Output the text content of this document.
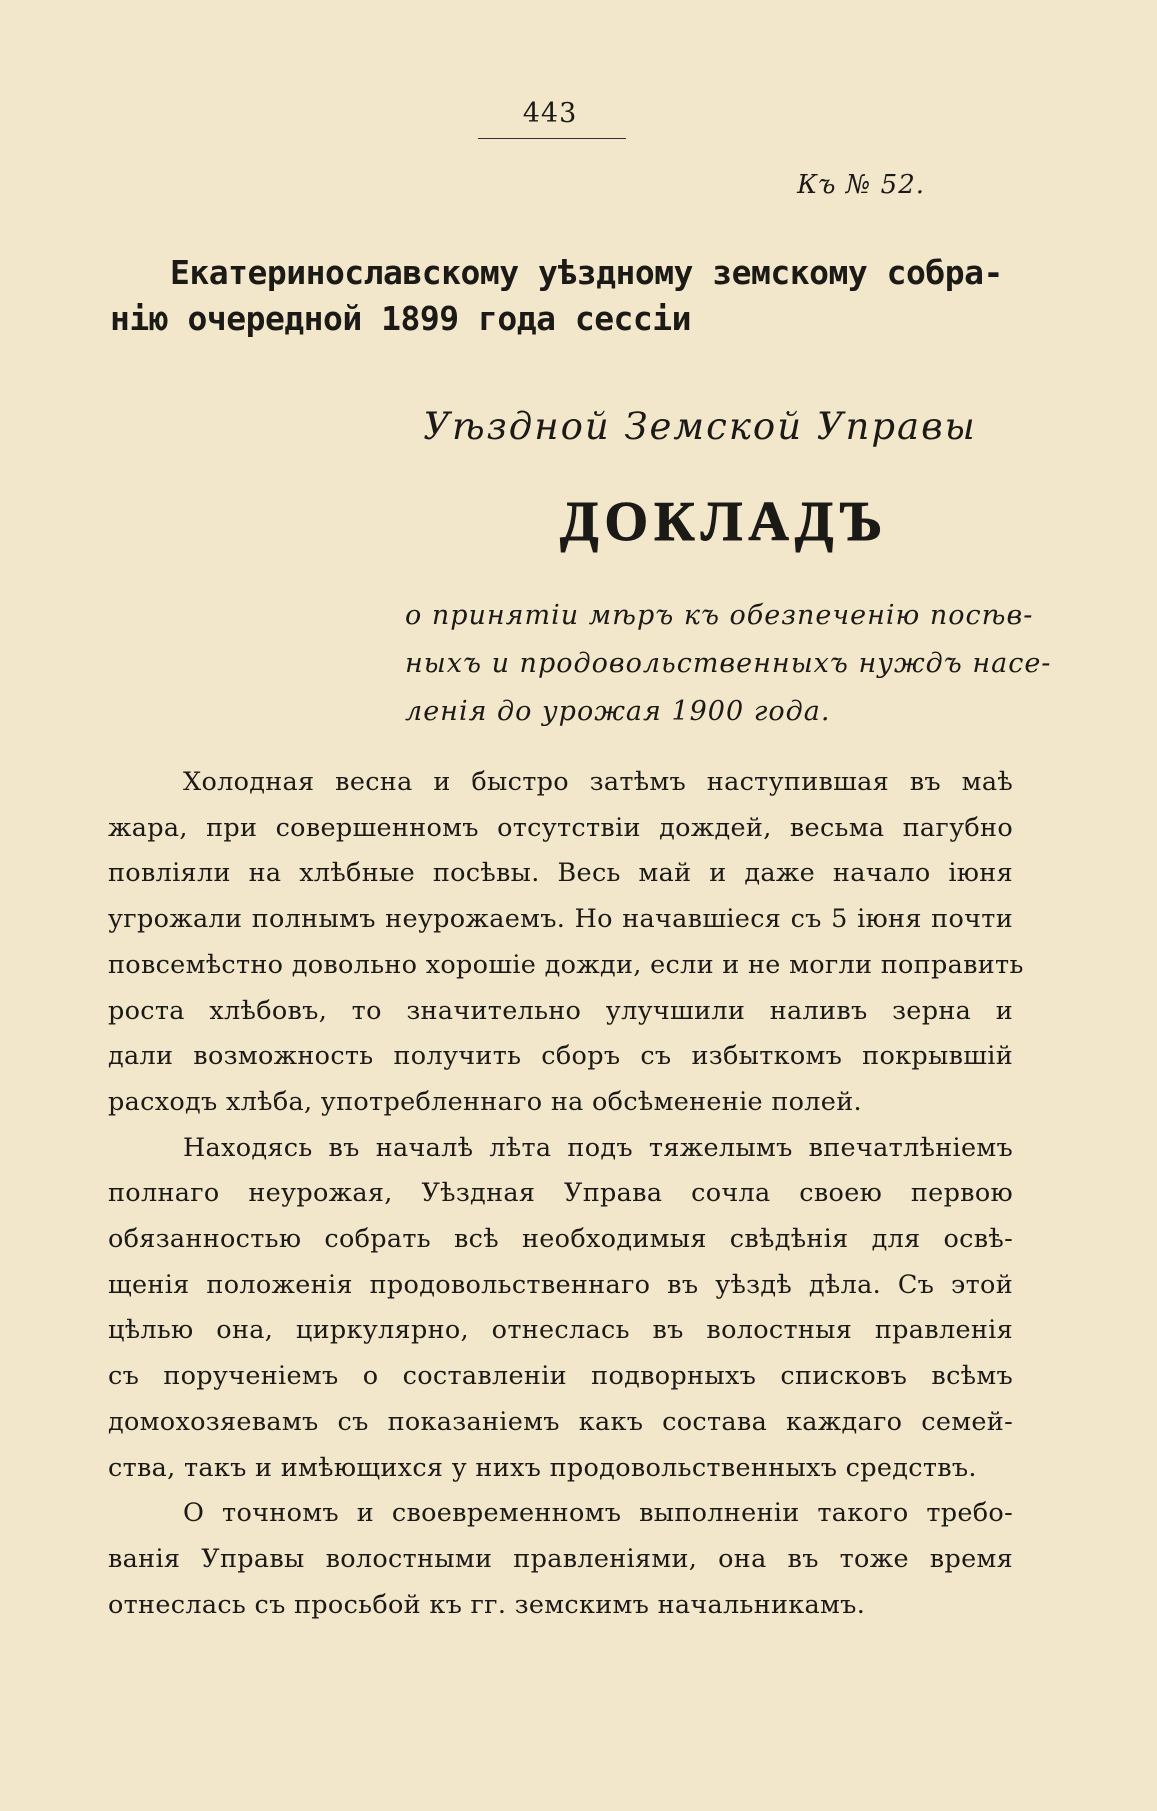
443
Къ № 52.
Екатеринославскому уѣздному земскому собра-
нію очередной 1899 года сессіи
Уѣздной Земской Управы
ДОКЛАДЪ
о принятіи мѣръ къ обезпеченію посѣв-
ныхъ и продовольственныхъ нуждъ насе-
ленія до урожая 1900 года.
Холодная весна и быстро затѣмъ наступившая въ маѣ
жара, при совершенномъ отсутствіи дождей, весьма пагубно
повліяли на хлѣбные посѣвы. Весь май и даже начало іюня
угрожали полнымъ неурожаемъ. Но начавшіеся съ 5 іюня почти
повсемѣстно довольно хорошіе дожди, если и не могли поправить
роста хлѣбовъ, то значительно улучшили наливъ зерна и
дали возможность получить сборъ съ избыткомъ покрывшій
расходъ хлѣба, употребленнаго на обсѣмененіе полей.
Находясь въ началѣ лѣта подъ тяжелымъ впечатлѣніемъ
полнаго неурожая, Уѣздная Управа сочла своею первою
обязанностью собрать всѣ необходимыя свѣдѣнія для освѣ-
щенія положенія продовольственнаго въ уѣздѣ дѣла. Съ этой
цѣлью она, циркулярно, отнеслась въ волостныя правленія
съ порученіемъ о составленіи подворныхъ списковъ всѣмъ
домохозяевамъ съ показаніемъ какъ состава каждаго семей-
ства, такъ и имѣющихся у нихъ продовольственныхъ средствъ.
О точномъ и своевременномъ выполненіи такого требо-
ванія Управы волостными правленіями, она въ тоже время
отнеслась съ просьбой къ гг. земскимъ начальникамъ.
